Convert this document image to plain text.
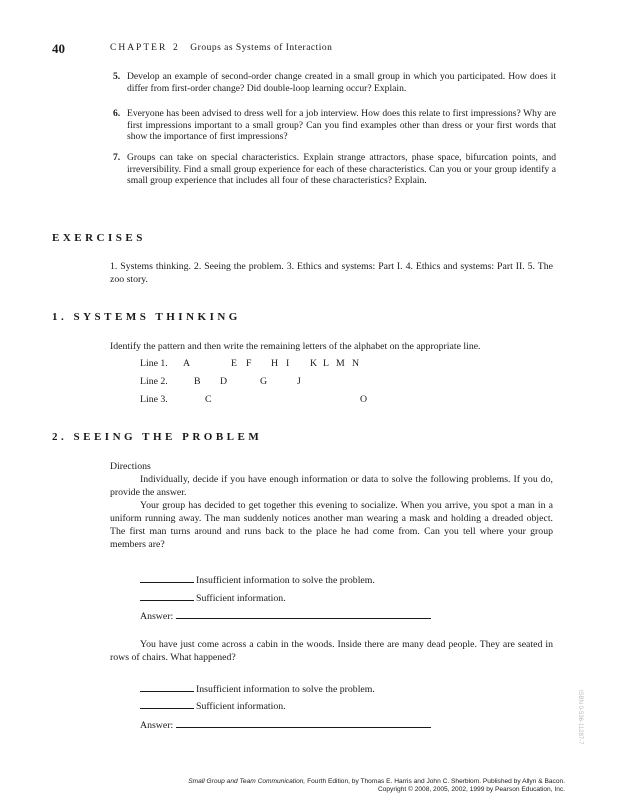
40	CHAPTER 2 Groups as Systems of Interaction
5. Develop an example of second-order change created in a small group in which you participated. How does it differ from first-order change? Did double-loop learning occur? Explain.
6. Everyone has been advised to dress well for a job interview. How does this relate to first impressions? Why are first impressions important to a small group? Can you find examples other than dress or your first words that show the importance of first impressions?
7. Groups can take on special characteristics. Explain strange attractors, phase space, bifurcation points, and irreversibility. Find a small group experience for each of these characteristics. Can you or your group identify a small group experience that includes all four of these characteristics? Explain.
EXERCISES
1. Systems thinking. 2. Seeing the problem. 3. Ethics and systems: Part I. 4. Ethics and systems: Part II. 5. The zoo story.
1. SYSTEMS THINKING
Identify the pattern and then write the remaining letters of the alphabet on the appropriate line.
Line 1. A	E F H I K L M N
Line 2.	B D	G	J
Line 3.	C	O
2. SEEING THE PROBLEM
Directions
Individually, decide if you have enough information or data to solve the following problems. If you do, provide the answer.
Your group has decided to get together this evening to socialize. When you arrive, you spot a man in a uniform running away. The man suddenly notices another man wearing a mask and holding a dreaded object. The first man turns around and runs back to the place he had come from. Can you tell where your group members are?
Insufficient information to solve the problem.
Sufficient information.
Answer:
You have just come across a cabin in the woods. Inside there are many dead people. They are seated in rows of chairs. What happened?
Insufficient information to solve the problem.
Sufficient information.
Answer:	ISBN 0-536-11287-7
Small Group and Team Communication, Fourth Edition, by Thomas E. Harris and John C. Sherblom. Published by Allyn & Bacon.
Copyright © 2008, 2005, 2002, 1999 by Pearson Education, Inc.
